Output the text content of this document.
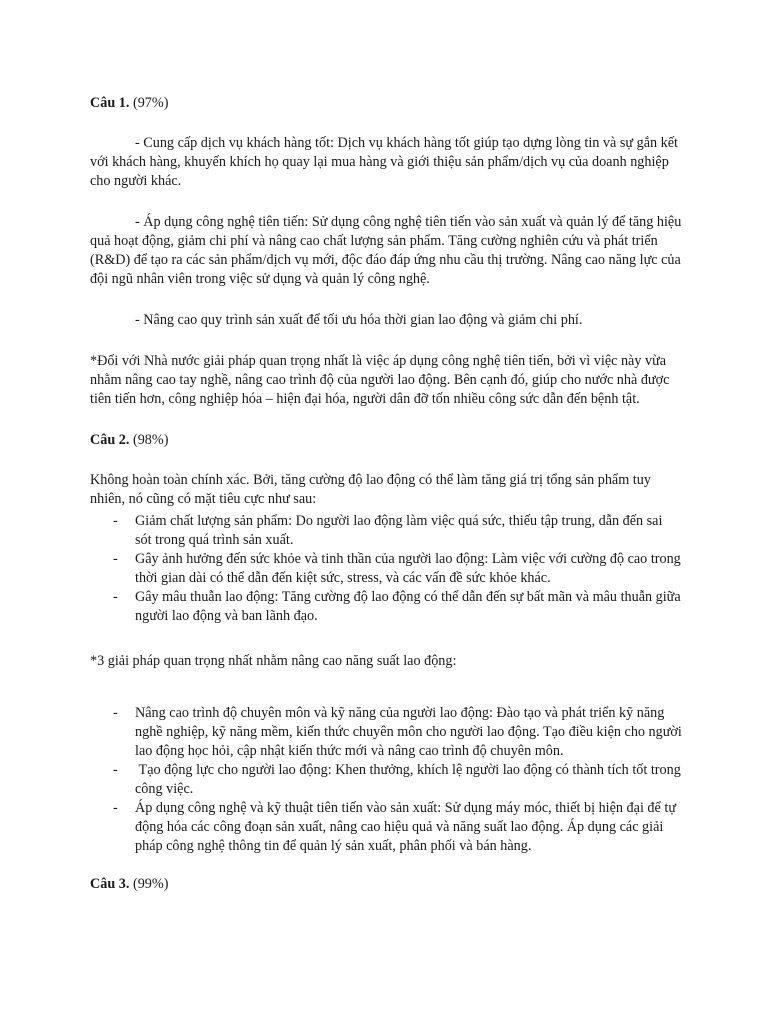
Câu 1. (97%)

- Cung cấp dịch vụ khách hàng tốt: Dịch vụ khách hàng tốt giúp tạo dựng lòng tin và sự gắn kết với khách hàng, khuyến khích họ quay lại mua hàng và giới thiệu sản phẩm/dịch vụ của doanh nghiệp cho người khác.

- Áp dụng công nghệ tiên tiến: Sử dụng công nghệ tiên tiến vào sản xuất và quản lý để tăng hiệu quả hoạt động, giảm chi phí và nâng cao chất lượng sản phẩm. Tăng cường nghiên cứu và phát triển (R&D) để tạo ra các sản phẩm/dịch vụ mới, độc đáo đáp ứng nhu cầu thị trường. Nâng cao năng lực của đội ngũ nhân viên trong việc sử dụng và quản lý công nghệ.

- Nâng cao quy trình sản xuất để tối ưu hóa thời gian lao động và giảm chi phí.

*Đối với Nhà nước giải pháp quan trọng nhất là việc áp dụng công nghệ tiên tiến, bởi vì việc này vừa nhằm nâng cao tay nghề, nâng cao trình độ của người lao động. Bên cạnh đó, giúp cho nước nhà được tiên tiến hơn, công nghiệp hóa – hiện đại hóa, người dân đỡ tốn nhiều công sức dẫn đến bệnh tật.

Câu 2. (98%)

Không hoàn toàn chính xác. Bởi, tăng cường độ lao động có thể làm tăng giá trị tổng sản phẩm tuy nhiên, nó cũng có mặt tiêu cực như sau:

- Giảm chất lượng sản phẩm: Do người lao động làm việc quá sức, thiếu tập trung, dẫn đến sai sót trong quá trình sản xuất.
- Gây ảnh hưởng đến sức khỏe và tinh thần của người lao động: Làm việc với cường độ cao trong thời gian dài có thể dẫn đến kiệt sức, stress, và các vấn đề sức khỏe khác.
- Gây mâu thuẫn lao động: Tăng cường độ lao động có thể dẫn đến sự bất mãn và mâu thuẫn giữa người lao động và ban lãnh đạo.

*3 giải pháp quan trọng nhất nhằm nâng cao năng suất lao động:

- Nâng cao trình độ chuyên môn và kỹ năng của người lao động: Đào tạo và phát triển kỹ năng nghề nghiệp, kỹ năng mềm, kiến thức chuyên môn cho người lao động. Tạo điều kiện cho người lao động học hỏi, cập nhật kiến thức mới và nâng cao trình độ chuyên môn.
- Tạo động lực cho người lao động: Khen thưởng, khích lệ người lao động có thành tích tốt trong công việc.
- Áp dụng công nghệ và kỹ thuật tiên tiến vào sản xuất: Sử dụng máy móc, thiết bị hiện đại để tự động hóa các công đoạn sản xuất, nâng cao hiệu quả và năng suất lao động. Áp dụng các giải pháp công nghệ thông tin để quản lý sản xuất, phân phối và bán hàng.

Câu 3. (99%)
